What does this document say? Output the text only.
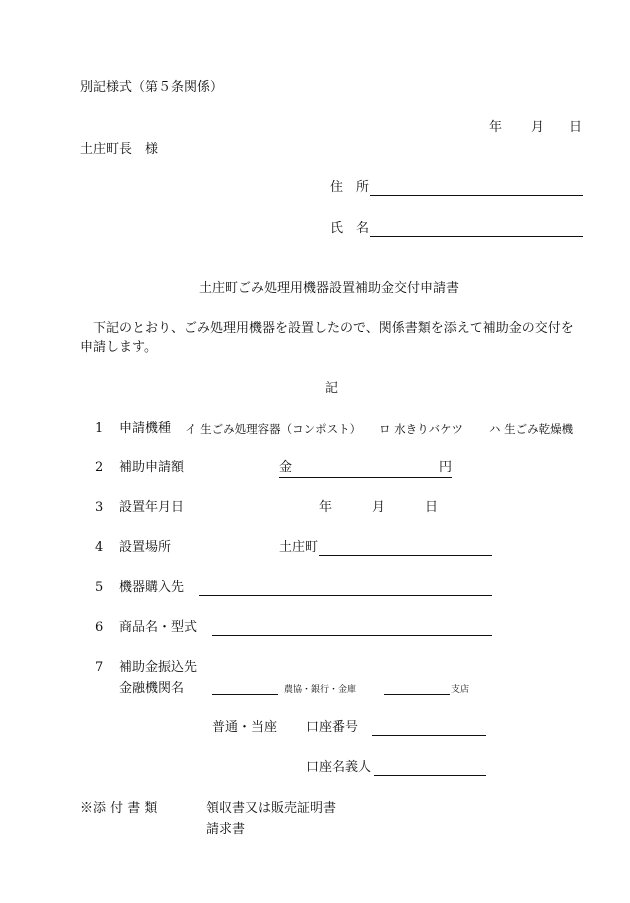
別記様式（第５条関係）
年 月 日
土庄町長　様
住　所
氏　名
土庄町ごみ処理用機器設置補助金交付申請書
下記のとおり、ごみ処理用機器を設置したので、関係書類を添えて補助金の交付を申請します。
記
1 申請機種 イ 生ごみ処理容器（コンポスト） ロ 水きりバケツ ハ 生ごみ乾燥機
2 補助申請額	金	円
3 設置年月日	年	月	日
4 設置場所	土庄町
5 機器購入先
6 商品名・型式
7 補助金振込先
金融機関名	農協・銀行・金庫	支店
普通・当座 口座番号
口座名義人
※添 付 書 類	領収書又は販売証明書
請求書
